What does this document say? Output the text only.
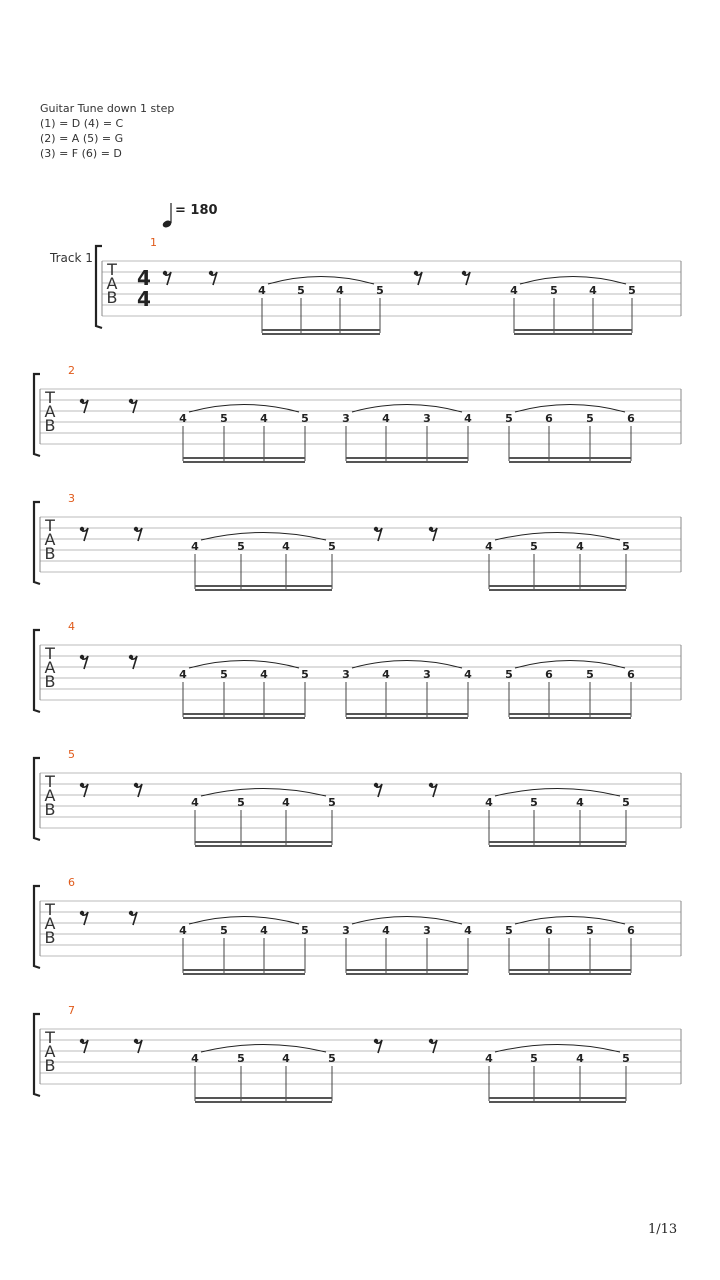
Guitar Tune down 1 step
(1) = D (4) = C
(2) = A (5) = G
(3) = F (6) = D
= 180
Track 1
1
T
A
B
4
4	4	5	4	5	4	5	4	5
2
T
A
B	4	5	4	5	3	4	3	4	5	6	5	6
3
T
A
B	4	5	4	5	4	5	4	5
4
T
A
B	4	5	4	5	3	4	3	4	5	6	5	6
5
T
A
B	4	5	4	5	4	5	4	5
6
T
A
B	4	5	4	5	3	4	3	4	5	6	5	6
7
T
A
B	4	5	4	5	4	5	4	5
1/13
